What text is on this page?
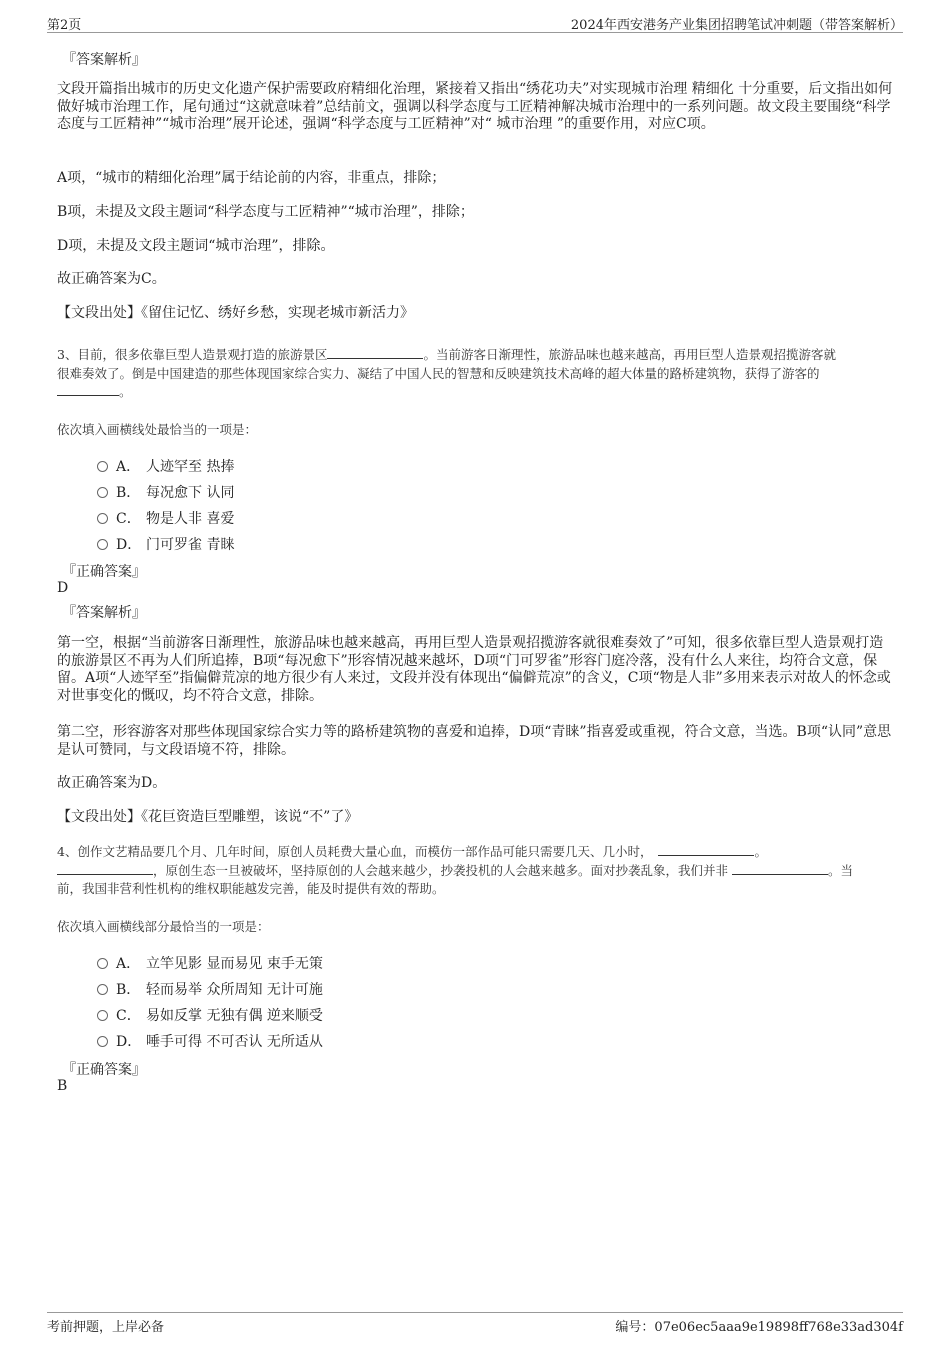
第2页	2024年西安港务产业集团招聘笔试冲刺题（带答案解析）
『答案解析』

文段开篇指出城市的历史文化遗产保护需要政府精细化治理，紧接着又指出“绣花功夫”对实现城市治理 精细化 十分重要，后文指出如何做好城市治理工作，尾句通过“这就意味着”总结前文，强调以科学态度与工匠精神解决城市治理中的一系列问题。故文段主要围绕“科学态度与工匠精神”“城市治理”展开论述，强调“科学态度与工匠精神”对“ 城市治理 ”的重要作用，对应C项。

A项，“城市的精细化治理”属于结论前的内容，非重点，排除；

B项，未提及文段主题词“科学态度与工匠精神”“城市治理”，排除；

D项，未提及文段主题词“城市治理”，排除。

故正确答案为C。

【文段出处】《留住记忆、绣好乡愁，实现老城市新活力》

3、目前，很多依靠巨型人造景观打造的旅游景区	。当前游客日渐理性，旅游品味也越来越高，再用巨型人造景观招揽游客就
很难奏效了。倒是中国建造的那些体现国家综合实力、凝结了中国人民的智慧和反映建筑技术高峰的超大体量的路桥建筑物，获得了游客的
。
依次填入画横线处最恰当的一项是：
A． 人迹罕至 热捧
B． 每况愈下 认同
C． 物是人非 喜爱
D． 门可罗雀 青睐
『正确答案』
D
『答案解析』

第一空，根据“当前游客日渐理性，旅游品味也越来越高，再用巨型人造景观招揽游客就很难奏效了”可知，很多依靠巨型人造景观打造的旅游景区不再为人们所追捧，B项“每况愈下”形容情况越来越坏，D项“门可罗雀”形容门庭冷落，没有什么人来往，均符合文意，保留。A项“人迹罕至”指偏僻荒凉的地方很少有人来过，文段并没有体现出“偏僻荒凉”的含义，C项“物是人非”多用来表示对故人的怀念或对世事变化的慨叹，均不符合文意，排除。

第二空，形容游客对那些体现国家综合实力等的路桥建筑物的喜爱和追捧，D项“青睐”指喜爱或重视，符合文意，当选。B项“认同”意思是认可赞同，与文段语境不符，排除。

故正确答案为D。

【文段出处】《花巨资造巨型雕塑，该说“不”了》

4、创作文艺精品要几个月、几年时间，原创人员耗费大量心血，而模仿一部作品可能只需要几天、几小时，	。
，原创生态一旦被破坏，坚持原创的人会越来越少，抄袭投机的人会越来越多。面对抄袭乱象，我们并非	。当
前，我国非营利性机构的维权职能越发完善，能及时提供有效的帮助。
依次填入画横线部分最恰当的一项是：
A． 立竿见影 显而易见 束手无策
B． 轻而易举 众所周知 无计可施
C． 易如反掌 无独有偶 逆来顺受
D． 唾手可得 不可否认 无所适从
『正确答案』
B
考前押题，上岸必备	编号：07e06ec5aaa9e19898ff768e33ad304f
